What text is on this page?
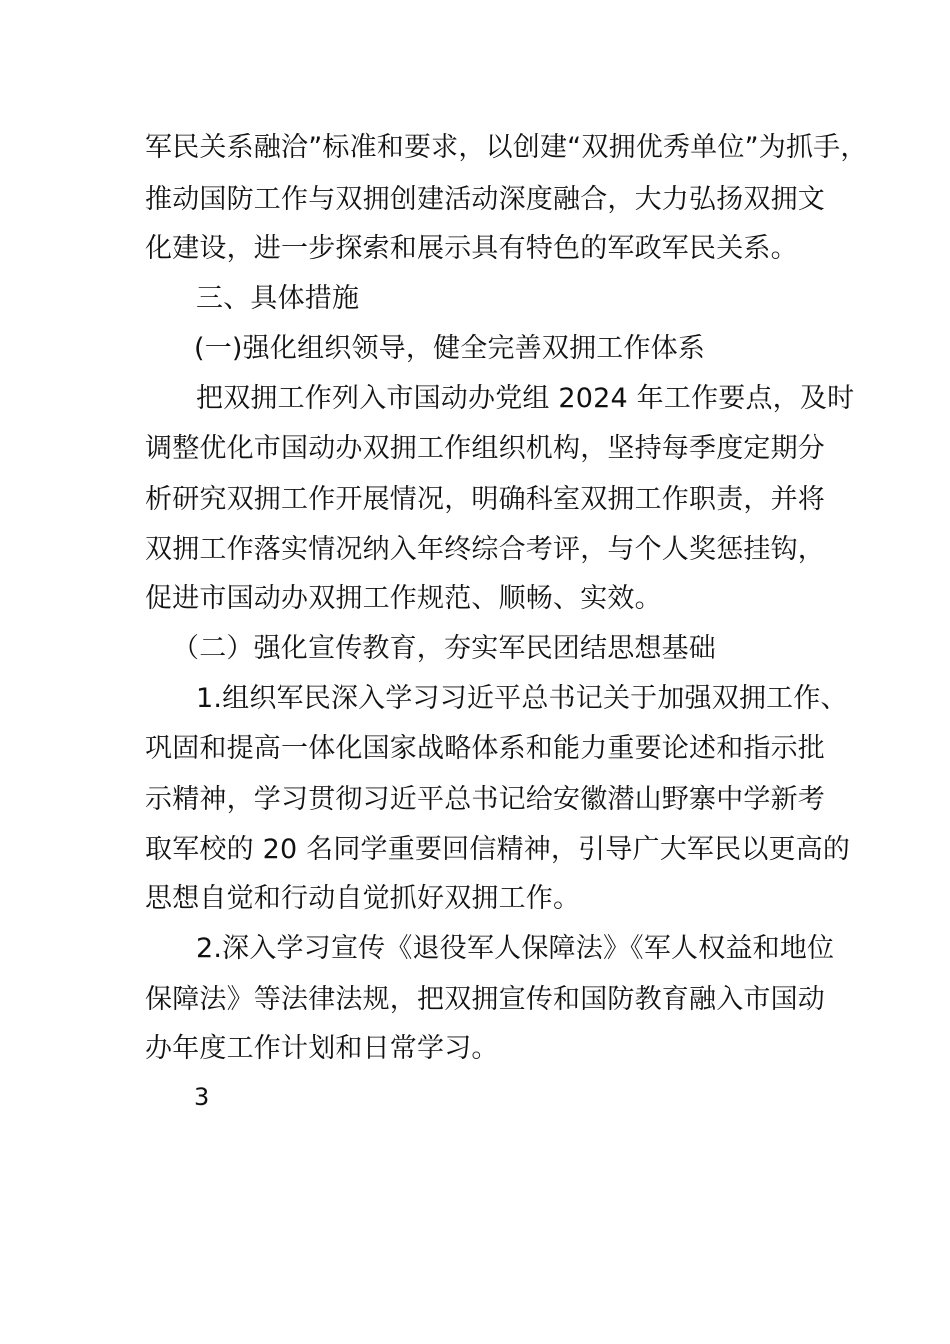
军民关系融洽”标准和要求，以创建“双拥优秀单位”为抓手，
推动国防工作与双拥创建活动深度融合，大力弘扬双拥文
化建设，进一步探索和展示具有特色的军政军民关系。
三、具体措施
(一)强化组织领导，健全完善双拥工作体系
把双拥工作列入市国动办党组 2024 年工作要点，及时
调整优化市国动办双拥工作组织机构，坚持每季度定期分
析研究双拥工作开展情况，明确科室双拥工作职责，并将
双拥工作落实情况纳入年终综合考评，与个人奖惩挂钩，
促进市国动办双拥工作规范、顺畅、实效。
（二）强化宣传教育，夯实军民团结思想基础
1.组织军民深入学习习近平总书记关于加强双拥工作、
巩固和提高一体化国家战略体系和能力重要论述和指示批
示精神，学习贯彻习近平总书记给安徽潜山野寨中学新考
取军校的 20 名同学重要回信精神，引导广大军民以更高的
思想自觉和行动自觉抓好双拥工作。
2.深入学习宣传《退役军人保障法》《军人权益和地位
保障法》等法律法规，把双拥宣传和国防教育融入市国动
办年度工作计划和日常学习。
3
